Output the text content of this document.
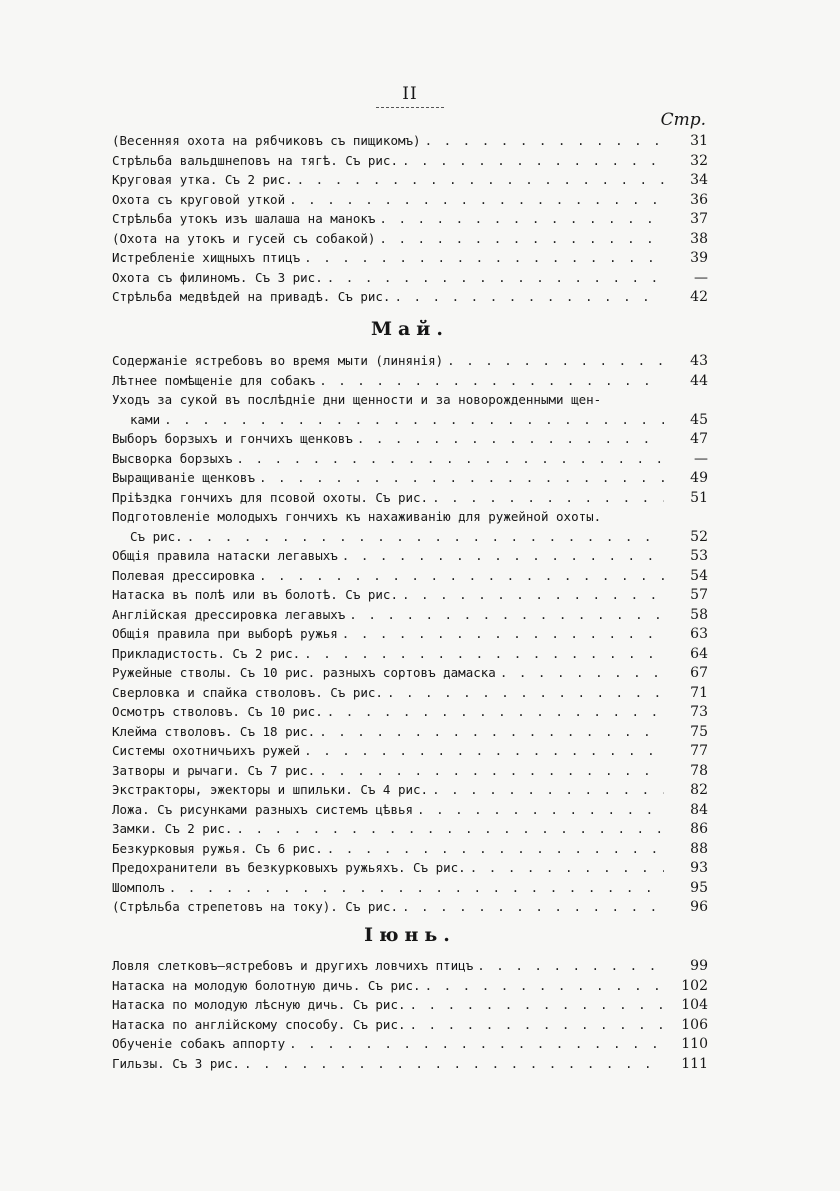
II
Стр.
(Весенняя охота на рябчиковъ съ пищикомъ) . . .	31
Стрѣльба вальдшнеповъ на тягѣ. Съ рис. . . .	32
Круговая утка. Съ 2 рис. . . .	34
Охота съ круговой уткой . . .	36
Стрѣльба утокъ изъ шалаша на манокъ . . .	37
(Охота на утокъ и гусей съ собакой) . . .	38
Истребленіе хищныхъ птицъ . . .	39
Охота съ филиномъ. Съ 3 рис. . . .	—
Стрѣльба медвѣдей на привадѣ. Съ рис. . . .	42
Май.
Содержаніе ястребовъ во время мыти (линянія) . . .	43
Лѣтнее помѣщеніе для собакъ . . .	44
Уходъ за сукой въ послѣдніе дни щенности и за новорожденными щен-
ками . . .	45
Выборъ борзыхъ и гончихъ щенковъ . . .	47
Высворка борзыхъ . . .	—
Выращиваніе щенковъ . . .	49
Пріѣздка гончихъ для псовой охоты. Съ рис. . . .	51
Подготовленіе молодыхъ гончихъ къ нахаживанію для ружейной охоты.
Съ рис. . . .	52
Общія правила натаски легавыхъ . . .	53
Полевая дрессировка . . .	54
Натаска въ полѣ или въ болотѣ. Съ рис. . . .	57
Англійская дрессировка легавыхъ . . .	58
Общія правила при выборѣ ружья . . .	63
Прикладистость. Съ 2 рис. . . .	64
Ружейные стволы. Съ 10 рис. разныхъ сортовъ дамаска . . .	67
Сверловка и спайка стволовъ. Съ рис. . . .	71
Осмотръ стволовъ. Съ 10 рис. . . .	73
Клейма стволовъ. Съ 18 рис. . . .	75
Системы охотничьихъ ружей . . .	77
Затворы и рычаги. Съ 7 рис. . . .	78
Экстракторы, эжекторы и шпильки. Съ 4 рис. . . .	82
Ложа. Съ рисунками разныхъ системъ цѣвья . . .	84
Замки. Съ 2 рис. . . .	86
Безкурковыя ружья. Съ 6 рис. . . .	88
Предохранители въ безкурковыхъ ружьяхъ. Съ рис. . . .	93
Шомполъ . . .	95
(Стрѣльба стрепетовъ на току). Съ рис. . . .	96
Іюнь.
Ловля слетковъ—ястребовъ и другихъ ловчихъ птицъ . . .	99
Натаска на молодую болотную дичь. Съ рис. . . .	102
Натаска по молодую лѣсную дичь. Съ рис. . . .	104
Натаска по англійскому способу. Съ рис. . . .	106
Обученіе собакъ аппорту . . .	110
Гильзы. Съ 3 рис. . . .	111
